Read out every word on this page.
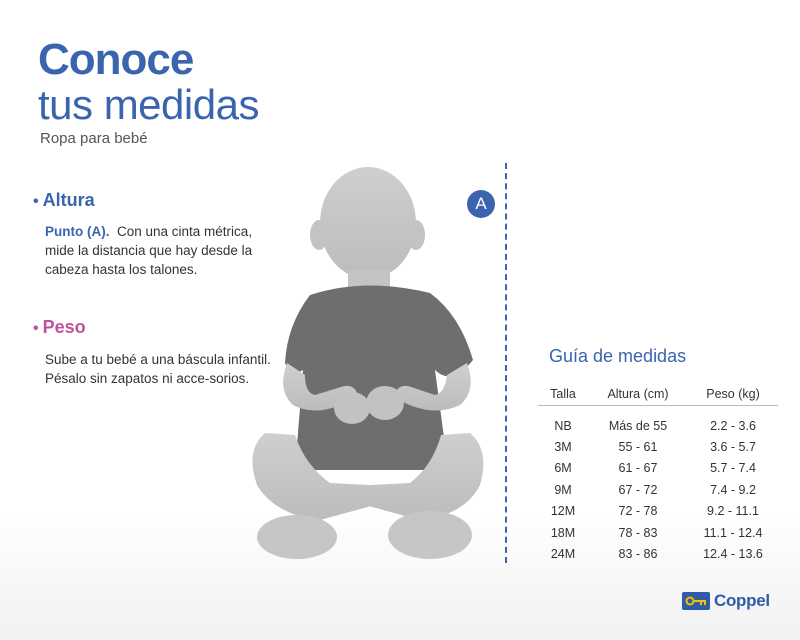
Conoce
tus medidas
Ropa para bebé
• Altura
Punto (A). Con una cinta métrica, mide la distancia que hay desde la cabeza hasta los talones.
• Peso
Sube a tu bebé a una báscula infantil. Pésalo sin zapatos ni acce-sorios.
A
Guía de medidas
Talla	Altura (cm)	Peso (kg)
NB	Más de 55	2.2 - 3.6
3M	55 - 61	3.6 - 5.7
6M	61 - 67	5.7 - 7.4
9M	67 - 72	7.4 - 9.2
12M	72 - 78	9.2 - 11.1
18M	78 - 83	11.1 - 12.4
24M	83 - 86	12.4 - 13.6
Coppel
